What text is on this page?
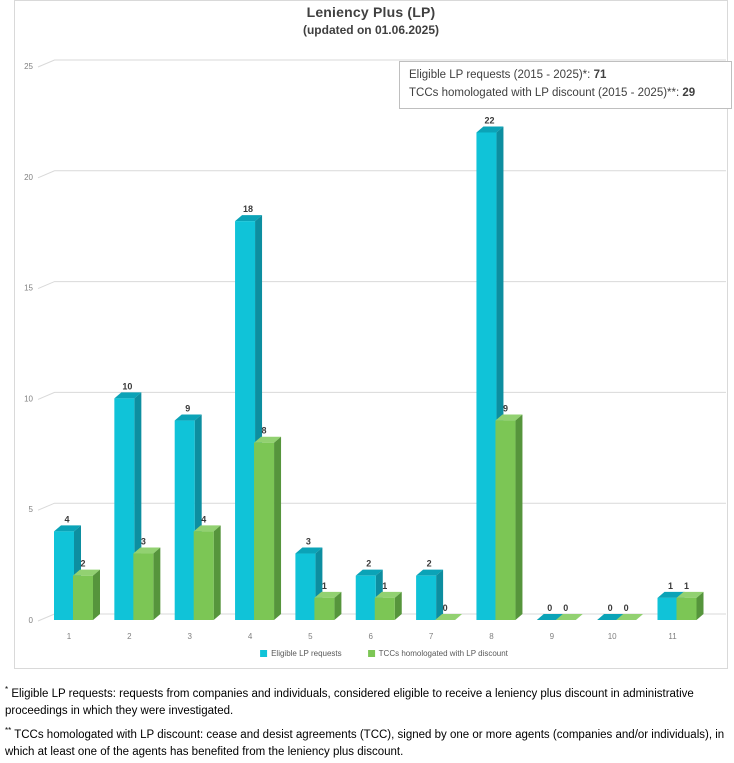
0
5
10
15
20
25
4
2
1
10
3
2
9
4
3
18
8
4
3
1
5
2
1
6
2
0
7
22
9
8
0 0
9
0 0
10
1 1
11
Leniency Plus (LP)
(updated on 01.06.2025)
Eligible LP requests	TCCs homologated with LP discount
Eligible LP requests (2015 - 2025)*: 71
TCCs homologated with LP discount (2015 - 2025)**: 29
* Eligible LP requests: requests from companies and individuals, considered eligible to receive a leniency plus discount in administrative proceedings in which they were investigated.
** TCCs homologated with LP discount: cease and desist agreements (TCC), signed by one or more agents (companies and/or individuals), in which at least one of the agents has benefited from the leniency plus discount.
